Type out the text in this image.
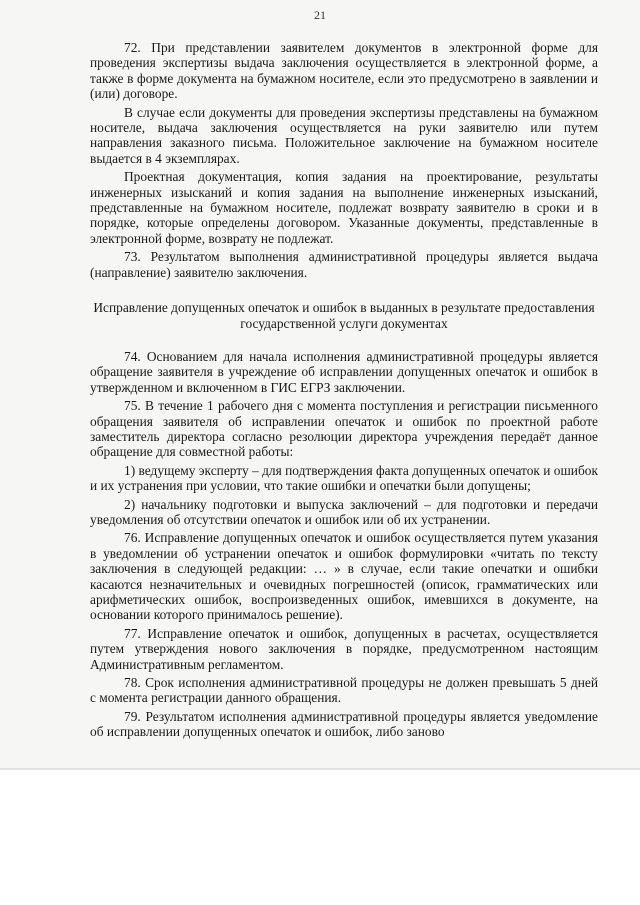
21

72. При представлении заявителем документов в электронной форме для проведения экспертизы выдача заключения осуществляется в электронной форме, а также в форме документа на бумажном носителе, если это предусмотрено в заявлении и (или) договоре.

В случае если документы для проведения экспертизы представлены на бумажном носителе, выдача заключения осуществляется на руки заявителю или путем направления заказного письма. Положительное заключение на бумажном носителе выдается в 4 экземплярах.

Проектная документация, копия задания на проектирование, результаты инженерных изысканий и копия задания на выполнение инженерных изысканий, представленные на бумажном носителе, подлежат возврату заявителю в сроки и в порядке, которые определены договором. Указанные документы, представленные в электронной форме, возврату не подлежат.

73. Результатом выполнения административной процедуры является выдача (направление) заявителю заключения.

Исправление допущенных опечаток и ошибок в выданных в результате предоставления государственной услуги документах

74. Основанием для начала исполнения административной процедуры является обращение заявителя в учреждение об исправлении допущенных опечаток и ошибок в утвержденном и включенном в ГИС ЕГРЗ заключении.

75. В течение 1 рабочего дня с момента поступления и регистрации письменного обращения заявителя об исправлении опечаток и ошибок по проектной работе заместитель директора согласно резолюции директора учреждения передаёт данное обращение для совместной работы:

1) ведущему эксперту – для подтверждения факта допущенных опечаток и ошибок и их устранения при условии, что такие ошибки и опечатки были допущены;

2) начальнику подготовки и выпуска заключений – для подготовки и передачи уведомления об отсутствии опечаток и ошибок или об их устранении.

76. Исправление допущенных опечаток и ошибок осуществляется путем указания в уведомлении об устранении опечаток и ошибок формулировки «читать по тексту заключения в следующей редакции: … » в случае, если такие опечатки и ошибки касаются незначительных и очевидных погрешностей (описок, грамматических или арифметических ошибок, воспроизведенных ошибок, имевшихся в документе, на основании которого принималось решение).

77. Исправление опечаток и ошибок, допущенных в расчетах, осуществляется путем утверждения нового заключения в порядке, предусмотренном настоящим Административным регламентом.

78. Срок исполнения административной процедуры не должен превышать 5 дней с момента регистрации данного обращения.

79. Результатом исполнения административной процедуры является уведомление об исправлении допущенных опечаток и ошибок, либо заново
